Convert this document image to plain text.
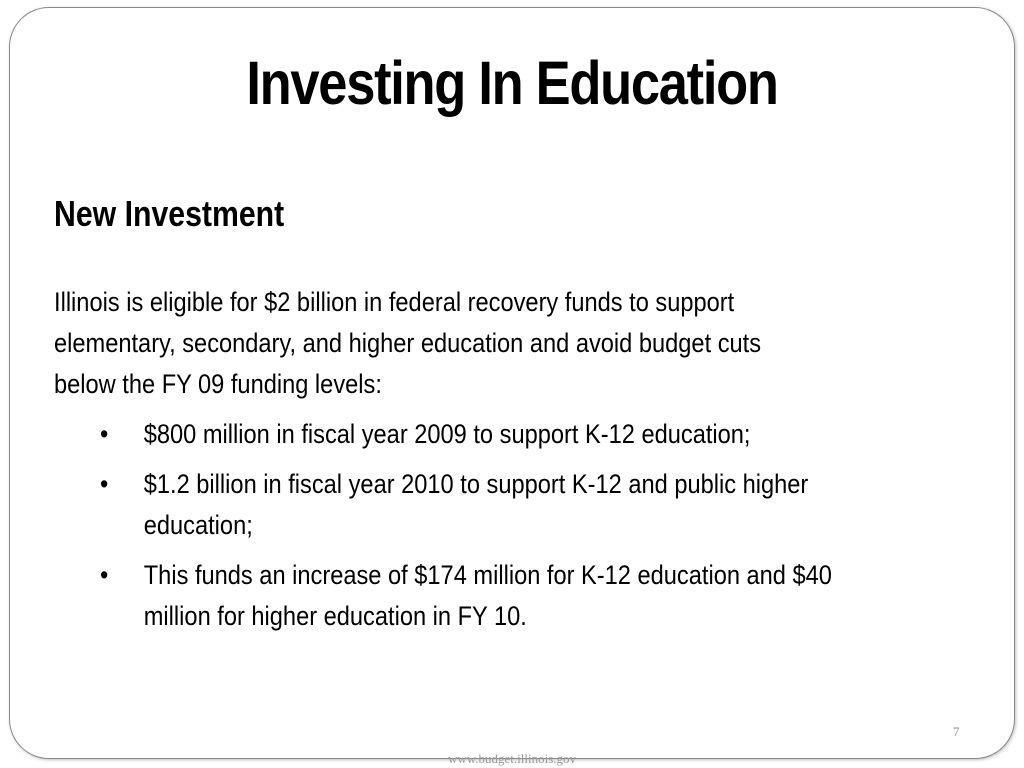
Investing In Education
New Investment
Illinois is eligible for $2 billion in federal recovery funds to support
elementary, secondary, and higher education and avoid budget cuts
below the FY 09 funding levels:
• $800 million in fiscal year 2009 to support K-12 education;
• $1.2 billion in fiscal year 2010 to support K-12 and public higher
education;
• This funds an increase of $174 million for K-12 education and $40
million for higher education in FY 10.
7
www.budget.illinois.gov
